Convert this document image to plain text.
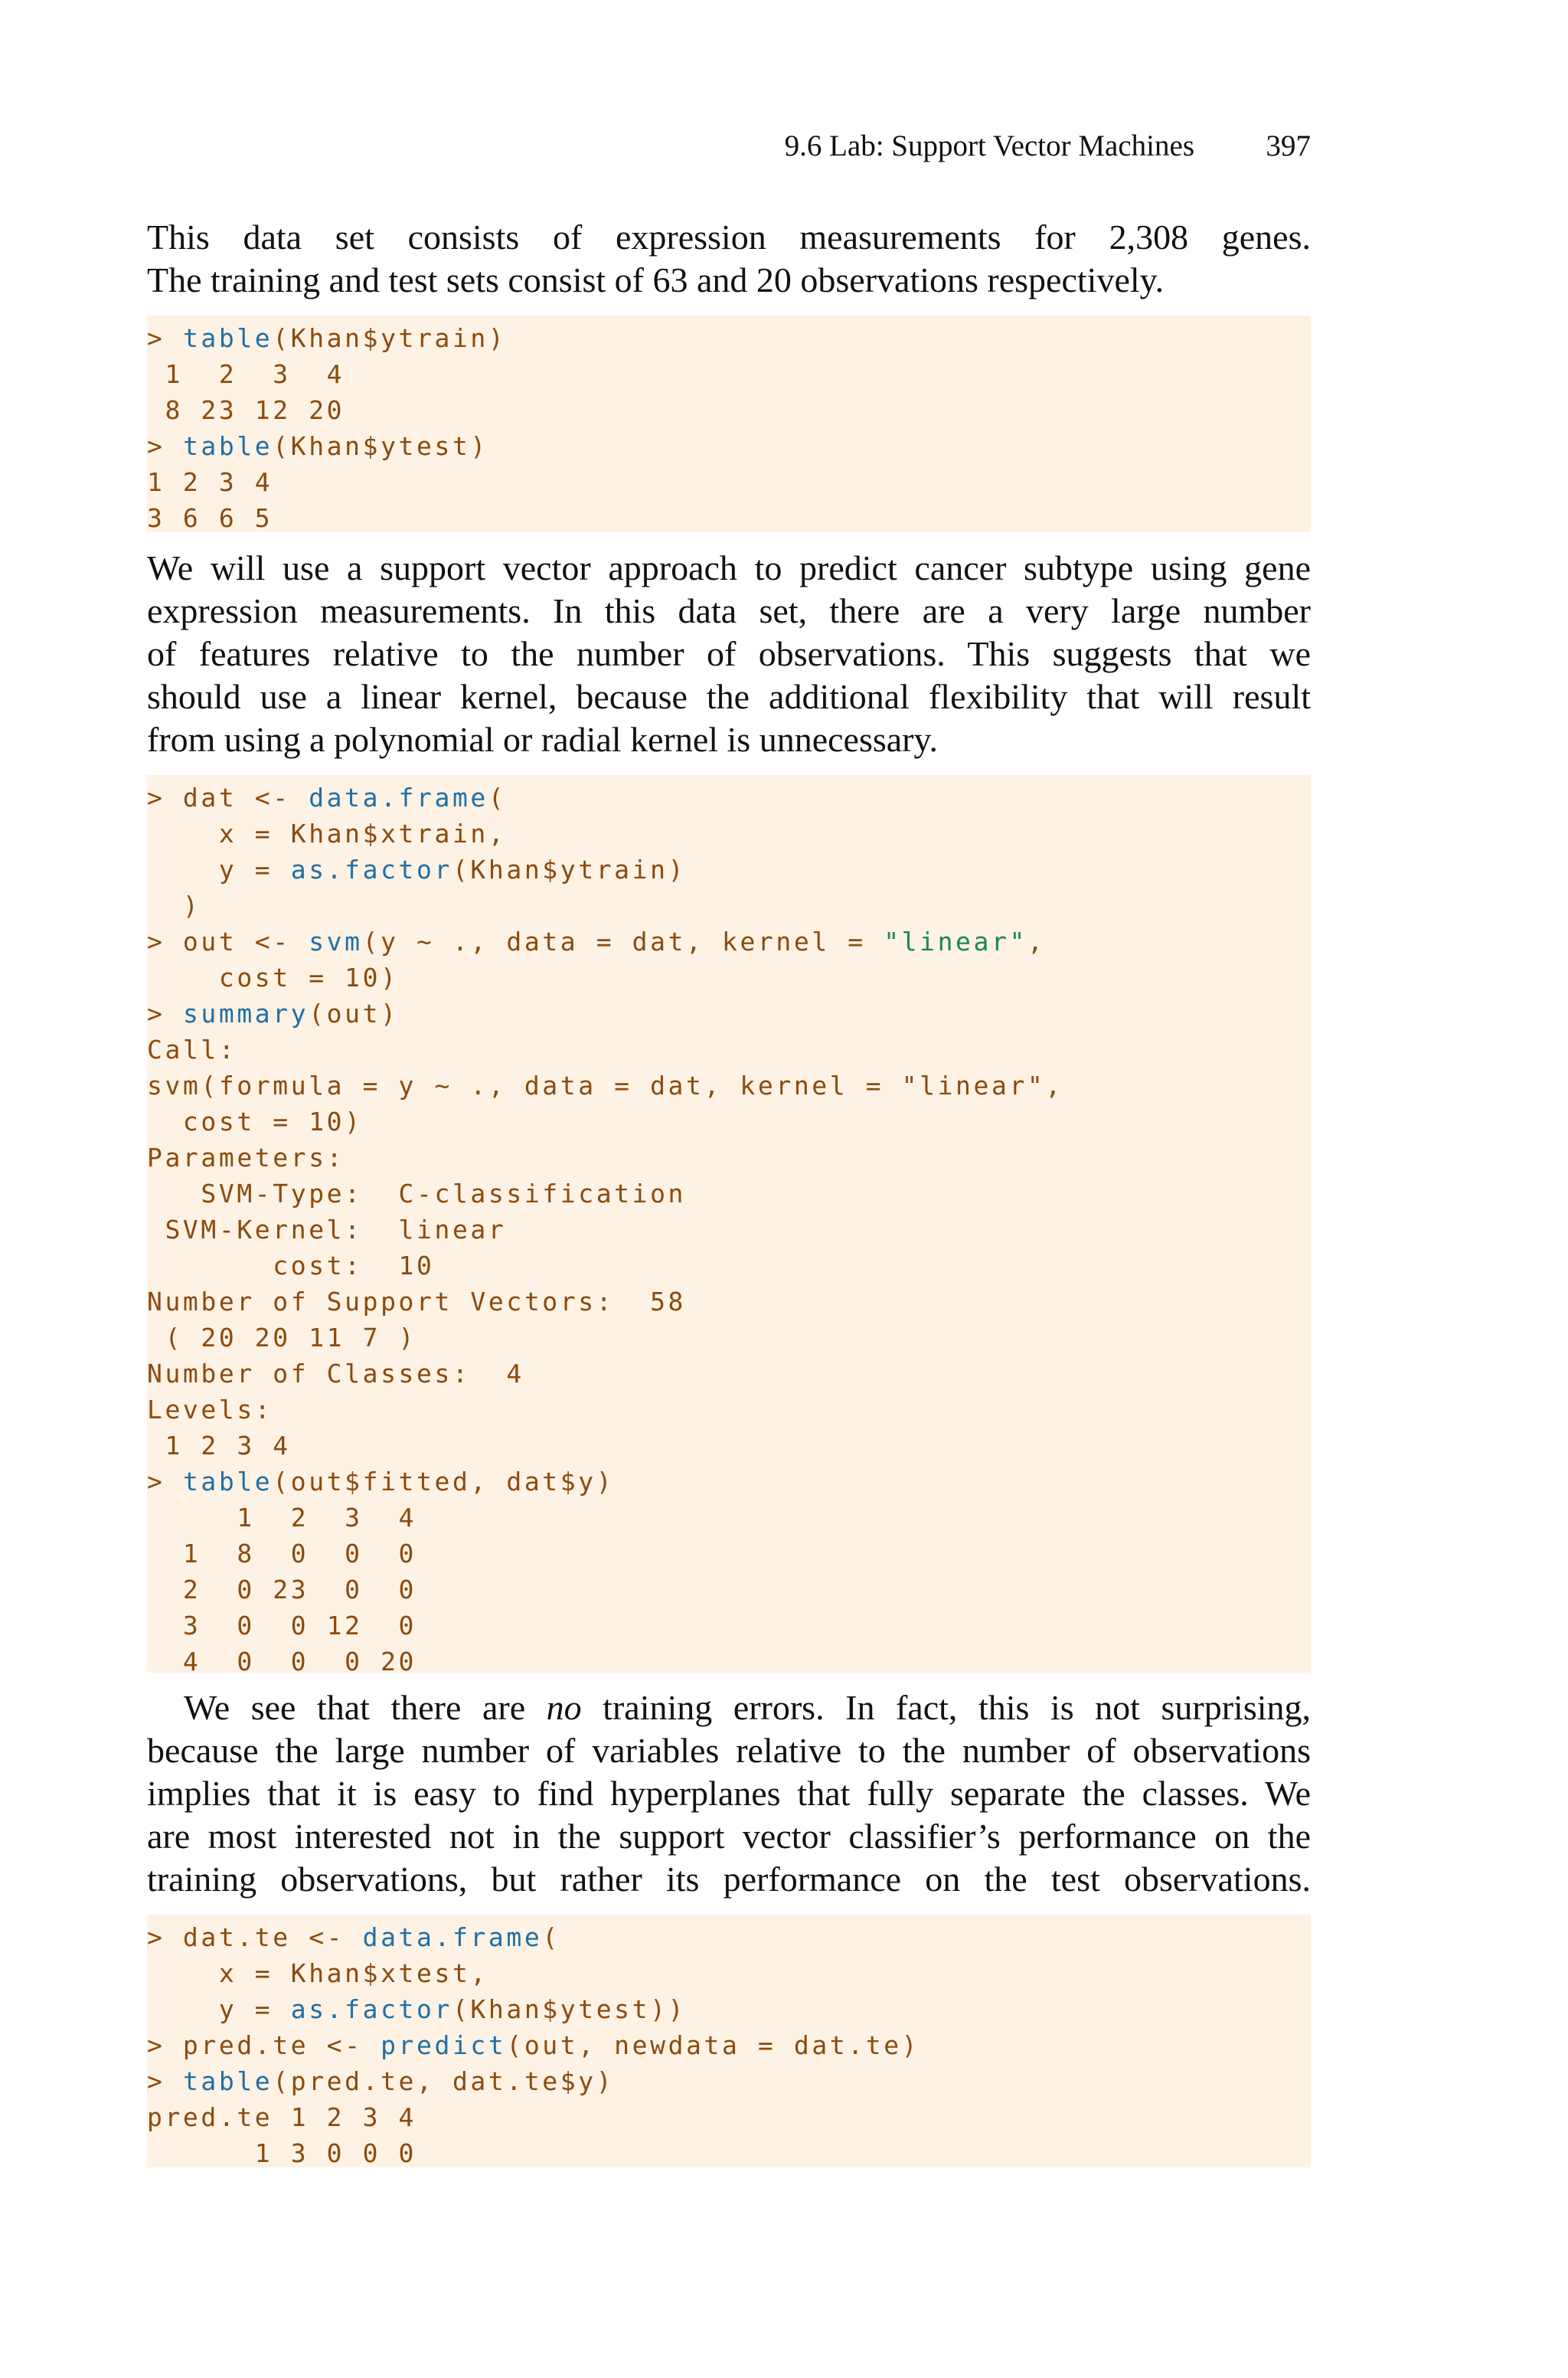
9.6 Lab: Support Vector Machines 397
This data set consists of expression measurements for 2,308 genes.
The training and test sets consist of 63 and 20 observations respectively.
> table(Khan$ytrain)
1  2  3  4
8 23 12 20
> table(Khan$ytest)
1 2 3 4
3 6 6 5
We will use a support vector approach to predict cancer subtype using gene
expression measurements. In this data set, there are a very large number
of features relative to the number of observations. This suggests that we
should use a linear kernel, because the additional flexibility that will result
from using a polynomial or radial kernel is unnecessary.
> dat <- data.frame(
x = Khan$xtrain,
y = as.factor(Khan$ytrain)
)
> out <- svm(y ~ ., data = dat, kernel = "linear",
cost = 10)
> summary(out)
Call:
svm(formula = y ~ ., data = dat, kernel = "linear",
cost = 10)
Parameters:
SVM-Type:  C-classification
SVM-Kernel:  linear
cost:  10
Number of Support Vectors:  58
( 20 20 11 7 )
Number of Classes:  4
Levels:
1 2 3 4
> table(out$fitted, dat$y)
1  2  3  4
1  8  0  0  0
2  0 23  0  0
3  0  0 12  0
4  0  0  0 20
We see that there are no training errors. In fact, this is not surprising,
because the large number of variables relative to the number of observations
implies that it is easy to find hyperplanes that fully separate the classes. We
are most interested not in the support vector classifier’s performance on the
training observations, but rather its performance on the test observations.
> dat.te <- data.frame(
x = Khan$xtest,
y = as.factor(Khan$ytest))
> pred.te <- predict(out, newdata = dat.te)
> table(pred.te, dat.te$y)
pred.te 1 2 3 4
1 3 0 0 0
